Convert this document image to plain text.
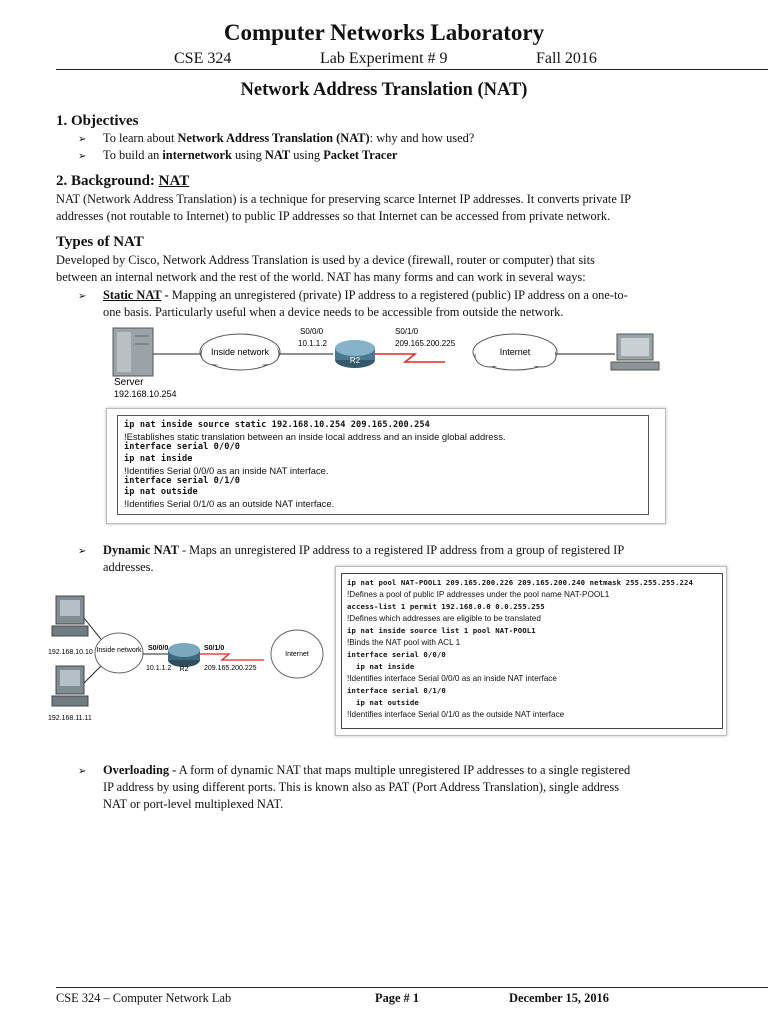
Computer Networks Laboratory
CSE 324	Lab Experiment # 9	Fall 2016
Network Address Translation (NAT)
1. Objectives
➢ To learn about Network Address Translation (NAT): why and how used?
➢ To build an internetwork using NAT using Packet Tracer
2. Background: NAT
NAT (Network Address Translation) is a technique for preserving scarce Internet IP addresses. It converts private IP
addresses (not routable to Internet) to public IP addresses so that Internet can be accessed from private network.
Types of NAT
Developed by Cisco, Network Address Translation is used by a device (firewall, router or computer) that sits
between an internal network and the rest of the world. NAT has many forms and can work in several ways:
➢ Static NAT - Mapping an unregistered (private) IP address to a registered (public) IP address on a one-to-
one basis. Particularly useful when a device needs to be accessible from outside the network.
Inside network
R2
S0/0/0
10.1.1.2
S0/1/0
209.165.200.225
Internet
Server
192.168.10.254
ip nat inside source static 192.168.10.254 209.165.200.254
!Establishes static translation between an inside local address and an inside global address.
interface serial 0/0/0
ip nat inside
!Identifies Serial 0/0/0 as an inside NAT interface.
interface serial 0/1/0
ip nat outside
!Identifies Serial 0/1/0 as an outside NAT interface.
➢ Dynamic NAT - Maps an unregistered IP address to a registered IP address from a group of registered IP
addresses.
192.168.10.10
192.168.11.11
Inside network S0/0/0
10.1.1.2 R2
S0/1/0
209.165.200.225
Internet
ip nat pool NAT-POOL1 209.165.200.226 209.165.200.240 netmask 255.255.255.224
!Defines a pool of public IP addresses under the pool name NAT-POOL1
access-list 1 permit 192.168.0.0 0.0.255.255
!Defines which addresses are eligible to be translated
ip nat inside source list 1 pool NAT-POOL1
!Binds the NAT pool with ACL 1
interface serial 0/0/0
ip nat inside
!Identifies interface Serial 0/0/0 as an inside NAT interface
interface serial 0/1/0
ip nat outside
!Identifies interface Serial 0/1/0 as the outside NAT interface
➢ Overloading - A form of dynamic NAT that maps multiple unregistered IP addresses to a single registered
IP address by using different ports. This is known also as PAT (Port Address Translation), single address
NAT or port-level multiplexed NAT.
CSE 324 – Computer Network Lab	Page # 1	December 15, 2016
